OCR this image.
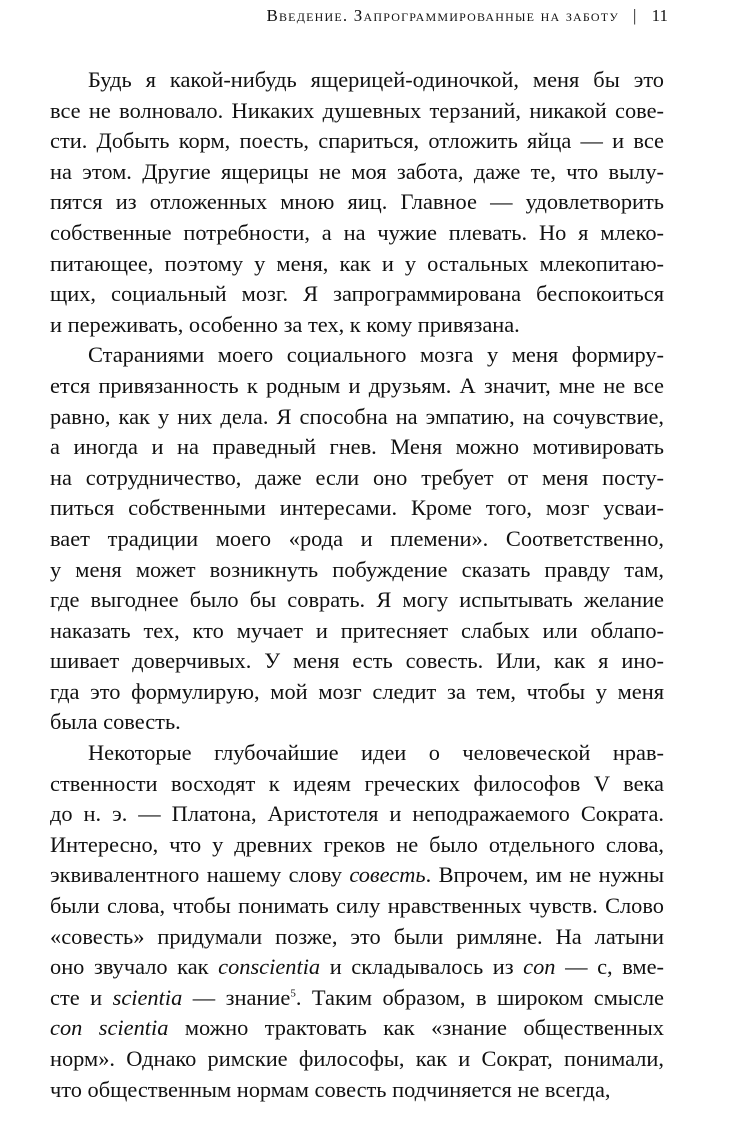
Введение. Запрограммированные на заботу | 11
Будь я какой-нибудь ящерицей-одиночкой, меня бы это
все не волновало. Никаких душевных терзаний, никакой сове-
сти. Добыть корм, поесть, спариться, отложить яйца — и все
на этом. Другие ящерицы не моя забота, даже те, что вылу-
пятся из отложенных мною яиц. Главное — удовлетворить
собственные потребности, а на чужие плевать. Но я млеко-
питающее, поэтому у меня, как и у остальных млекопитаю-
щих, социальный мозг. Я запрограммирована беспокоиться
и переживать, особенно за тех, к кому привязана.
Стараниями моего социального мозга у меня формиру-
ется привязанность к родным и друзьям. А значит, мне не все
равно, как у них дела. Я способна на эмпатию, на сочувствие,
а иногда и на праведный гнев. Меня можно мотивировать
на сотрудничество, даже если оно требует от меня посту-
питься собственными интересами. Кроме того, мозг усваи-
вает традиции моего «рода и племени». Соответственно,
у меня может возникнуть побуждение сказать правду там,
где выгоднее было бы соврать. Я могу испытывать желание
наказать тех, кто мучает и притесняет слабых или облапо-
шивает доверчивых. У меня есть совесть. Или, как я ино-
гда это формулирую, мой мозг следит за тем, чтобы у меня
была совесть.
Некоторые глубочайшие идеи о человеческой нрав-
ственности восходят к идеям греческих философов V века
до н. э. — Платона, Аристотеля и неподражаемого Сократа.
Интересно, что у древних греков не было отдельного слова,
эквивалентного нашему слову совесть. Впрочем, им не нужны
были слова, чтобы понимать силу нравственных чувств. Слово
«совесть» придумали позже, это были римляне. На латыни
оно звучало как conscientia и складывалось из con — с, вме-
сте и scientia — знание$^5$. Таким образом, в широком смысле
con scientia можно трактовать как «знание общественных
норм». Однако римские философы, как и Сократ, понимали,
что общественным нормам совесть подчиняется не всегда,
